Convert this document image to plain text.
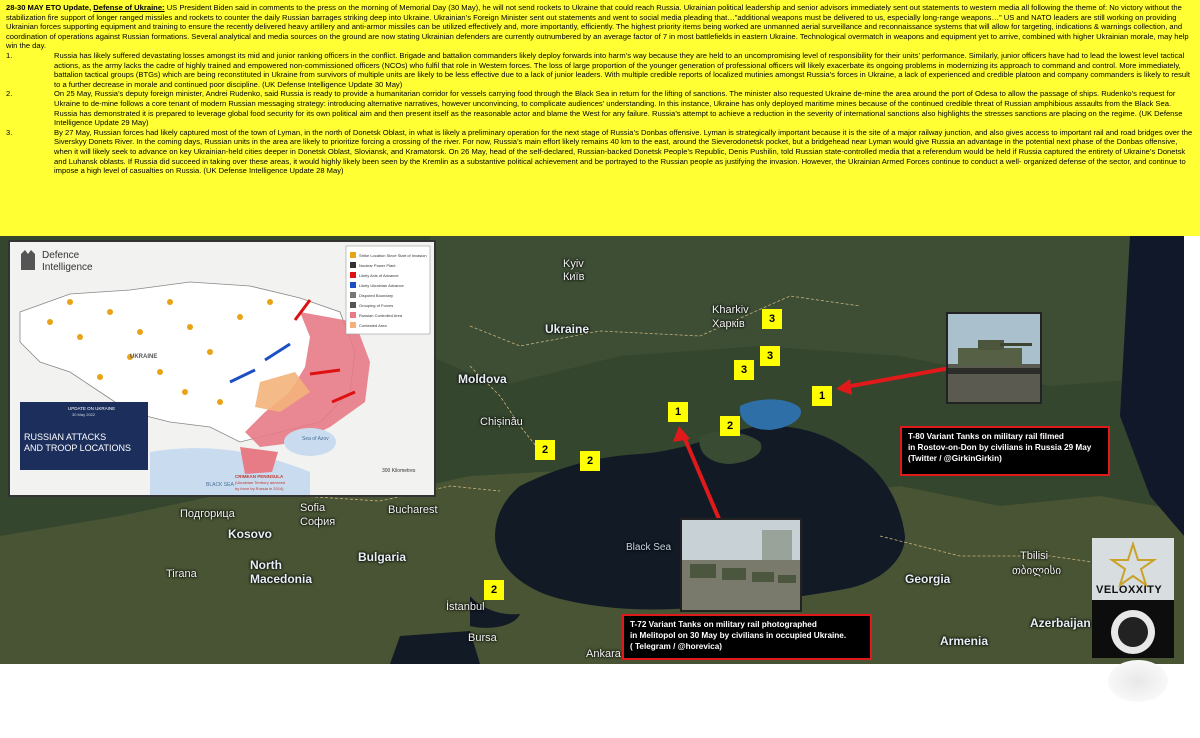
28-30 MAY ETO Update, Defense of Ukraine: US President Biden said in comments to the press on the morning of Memorial Day (30 May), he will not send rockets to Ukraine that could reach Russia. Ukrainian political leadership and senior advisors immediately sent out statements to western media all following the theme of: No victory without the stabilization fire support of longer ranged missiles and rockets to counter the daily Russian barrages striking deep into Ukraine. Ukrainian’s Foreign Minister sent out statements and went to social media pleading that…”additional weapons must be delivered to us, especially long-range weapons…” US and NATO leaders are still working on providing Ukrainian forces supporting equipment and training to ensure the recently delivered heavy artillery and anti-armor missiles can be utilized effectively and, more importantly, efficiently. The highest priority items being worked are unmanned aerial surveillance and reconnaissance systems that will allow for targeting, indications & warnings collection, and coordination of operations against Russian formations. Several analytical and media sources on the ground are now stating Ukrainian defenders are currently outnumbered by an average factor of 7 in most battlefields in eastern Ukraine. Technological overmatch in weapons and equipment yet to arrive, combined with higher Ukrainian morale, may help win the day.

1.	Russia has likely suffered devastating losses amongst its mid and junior ranking officers in the conflict. Brigade and battalion commanders likely deploy forwards into harm’s way because they are held to an uncompromising level of responsibility for their units’ performance. Similarly, junior officers have had to lead the lowest level tactical actions, as the army lacks the cadre of highly trained and empowered non-commissioned officers (NCOs) who fulfil that role in Western forces. The loss of large proportion of the younger generation of professional officers will likely exacerbate its ongoing problems in modernizing its approach to command and control. More immediately, battalion tactical groups (BTGs) which are being reconstituted in Ukraine from survivors of multiple units are likely to be less effective due to a lack of junior leaders. With multiple credible reports of localized mutinies amongst Russia’s forces in Ukraine, a lack of experienced and credible platoon and company commanders is likely to result to a further decrease in morale and continued poor discipline. (UK Defense Intelligence Update 30 May)
2.	On 25 May, Russia’s deputy foreign minister, Andrei Rudenko, said Russia is ready to provide a humanitarian corridor for vessels carrying food through the Black Sea in return for the lifting of sanctions. The minister also requested Ukraine de-mine the area around the port of Odesa to allow the passage of ships. Rudenko’s request for Ukraine to de-mine follows a core tenant of modern Russian messaging strategy: introducing alternative narratives, however unconvincing, to complicate audiences’ understanding. In this instance, Ukraine has only deployed maritime mines because of the continued credible threat of Russian amphibious assaults from the Black Sea. Russia has demonstrated it is prepared to leverage global food security for its own political aim and then present itself as the reasonable actor and blame the West for any failure. Russia’s attempt to achieve a reduction in the severity of international sanctions also highlights the stresses sanctions are placing on the regime. (UK Defense Intelligence Update 29 May)
3.	By 27 May, Russian forces had likely captured most of the town of Lyman, in the north of Donetsk Oblast, in what is likely a preliminary operation for the next stage of Russia’s Donbas offensive. Lyman is strategically important because it is the site of a major railway junction, and also gives access to important rail and road bridges over the Siverskyy Donets River. In the coming days, Russian units in the area are likely to prioritize forcing a crossing of the river. For now, Russia’s main effort likely remains 40 km to the east, around the Sieverodonetsk pocket, but a bridgehead near Lyman would give Russia an advantage in the potential next phase of the Donbas offensive, when it will likely seek to advance on key Ukrainian-held cities deeper in Donetsk Oblast, Sloviansk, and Kramatorsk. On 26 May, head of the self-declared, Russian-backed Donetsk People’s Republic, Denis Pushilin, told Russian state-controlled media that a referendum would be held if Russia captured the entirety of Ukraine’s Donetsk and Luhansk oblasts. If Russia did succeed in taking over these areas, it would highly likely been seen by the Kremlin as a substantive political achievement and be portrayed to the Russian people as justifying the invasion. However, the Ukrainian Armed Forces continue to conduct a well- organized defense of the sector, and continue to impose a high level of casualties on Russia. (UK Defense Intelligence Update 28 May)
Kyiv
Київ
Ukraine
Kharkiv
Харків
Moldova
Chișinău
Подгорица	Sofia
София
Bucharest
Kosovo
Bulgaria
North
Macedonia
Tirana
İstanbul
Bursa
Ankara
Black Sea
Georgia
Tbilisi
თბილისი
Armenia
Azerbaijan
1
1
2
2
2
2
3
3
3
T-80 Variant Tanks on military rail filmed
in Rostov-on-Don by civilians in Russia 29 May
(Twitter / @GirkinGirkin)
T-72 Variant Tanks on military rail photographed
in Melitopol on 30 May by civilians in occupied Ukraine.
( Telegram / @horevica)
VELOXXITY
Defence
Intelligence
UKRAINE
Sea of Azov
BLACK SEA
CRIMEAN PENINSULA
(Ukrainian Territory annexed
by force by Russia in 2014)
300 Kilometres
UPDATE ON UKRAINE
30 May 2022
RUSSIAN ATTACKS
AND TROOP LOCATIONS
Strike Location Since Start of Invasion
Nuclear Power Plant
Likely Axis of Advance
Likely Ukrainian Advance
Disputed Boundary
Grouping of Forces
Russian Controlled Area
Contested Area
